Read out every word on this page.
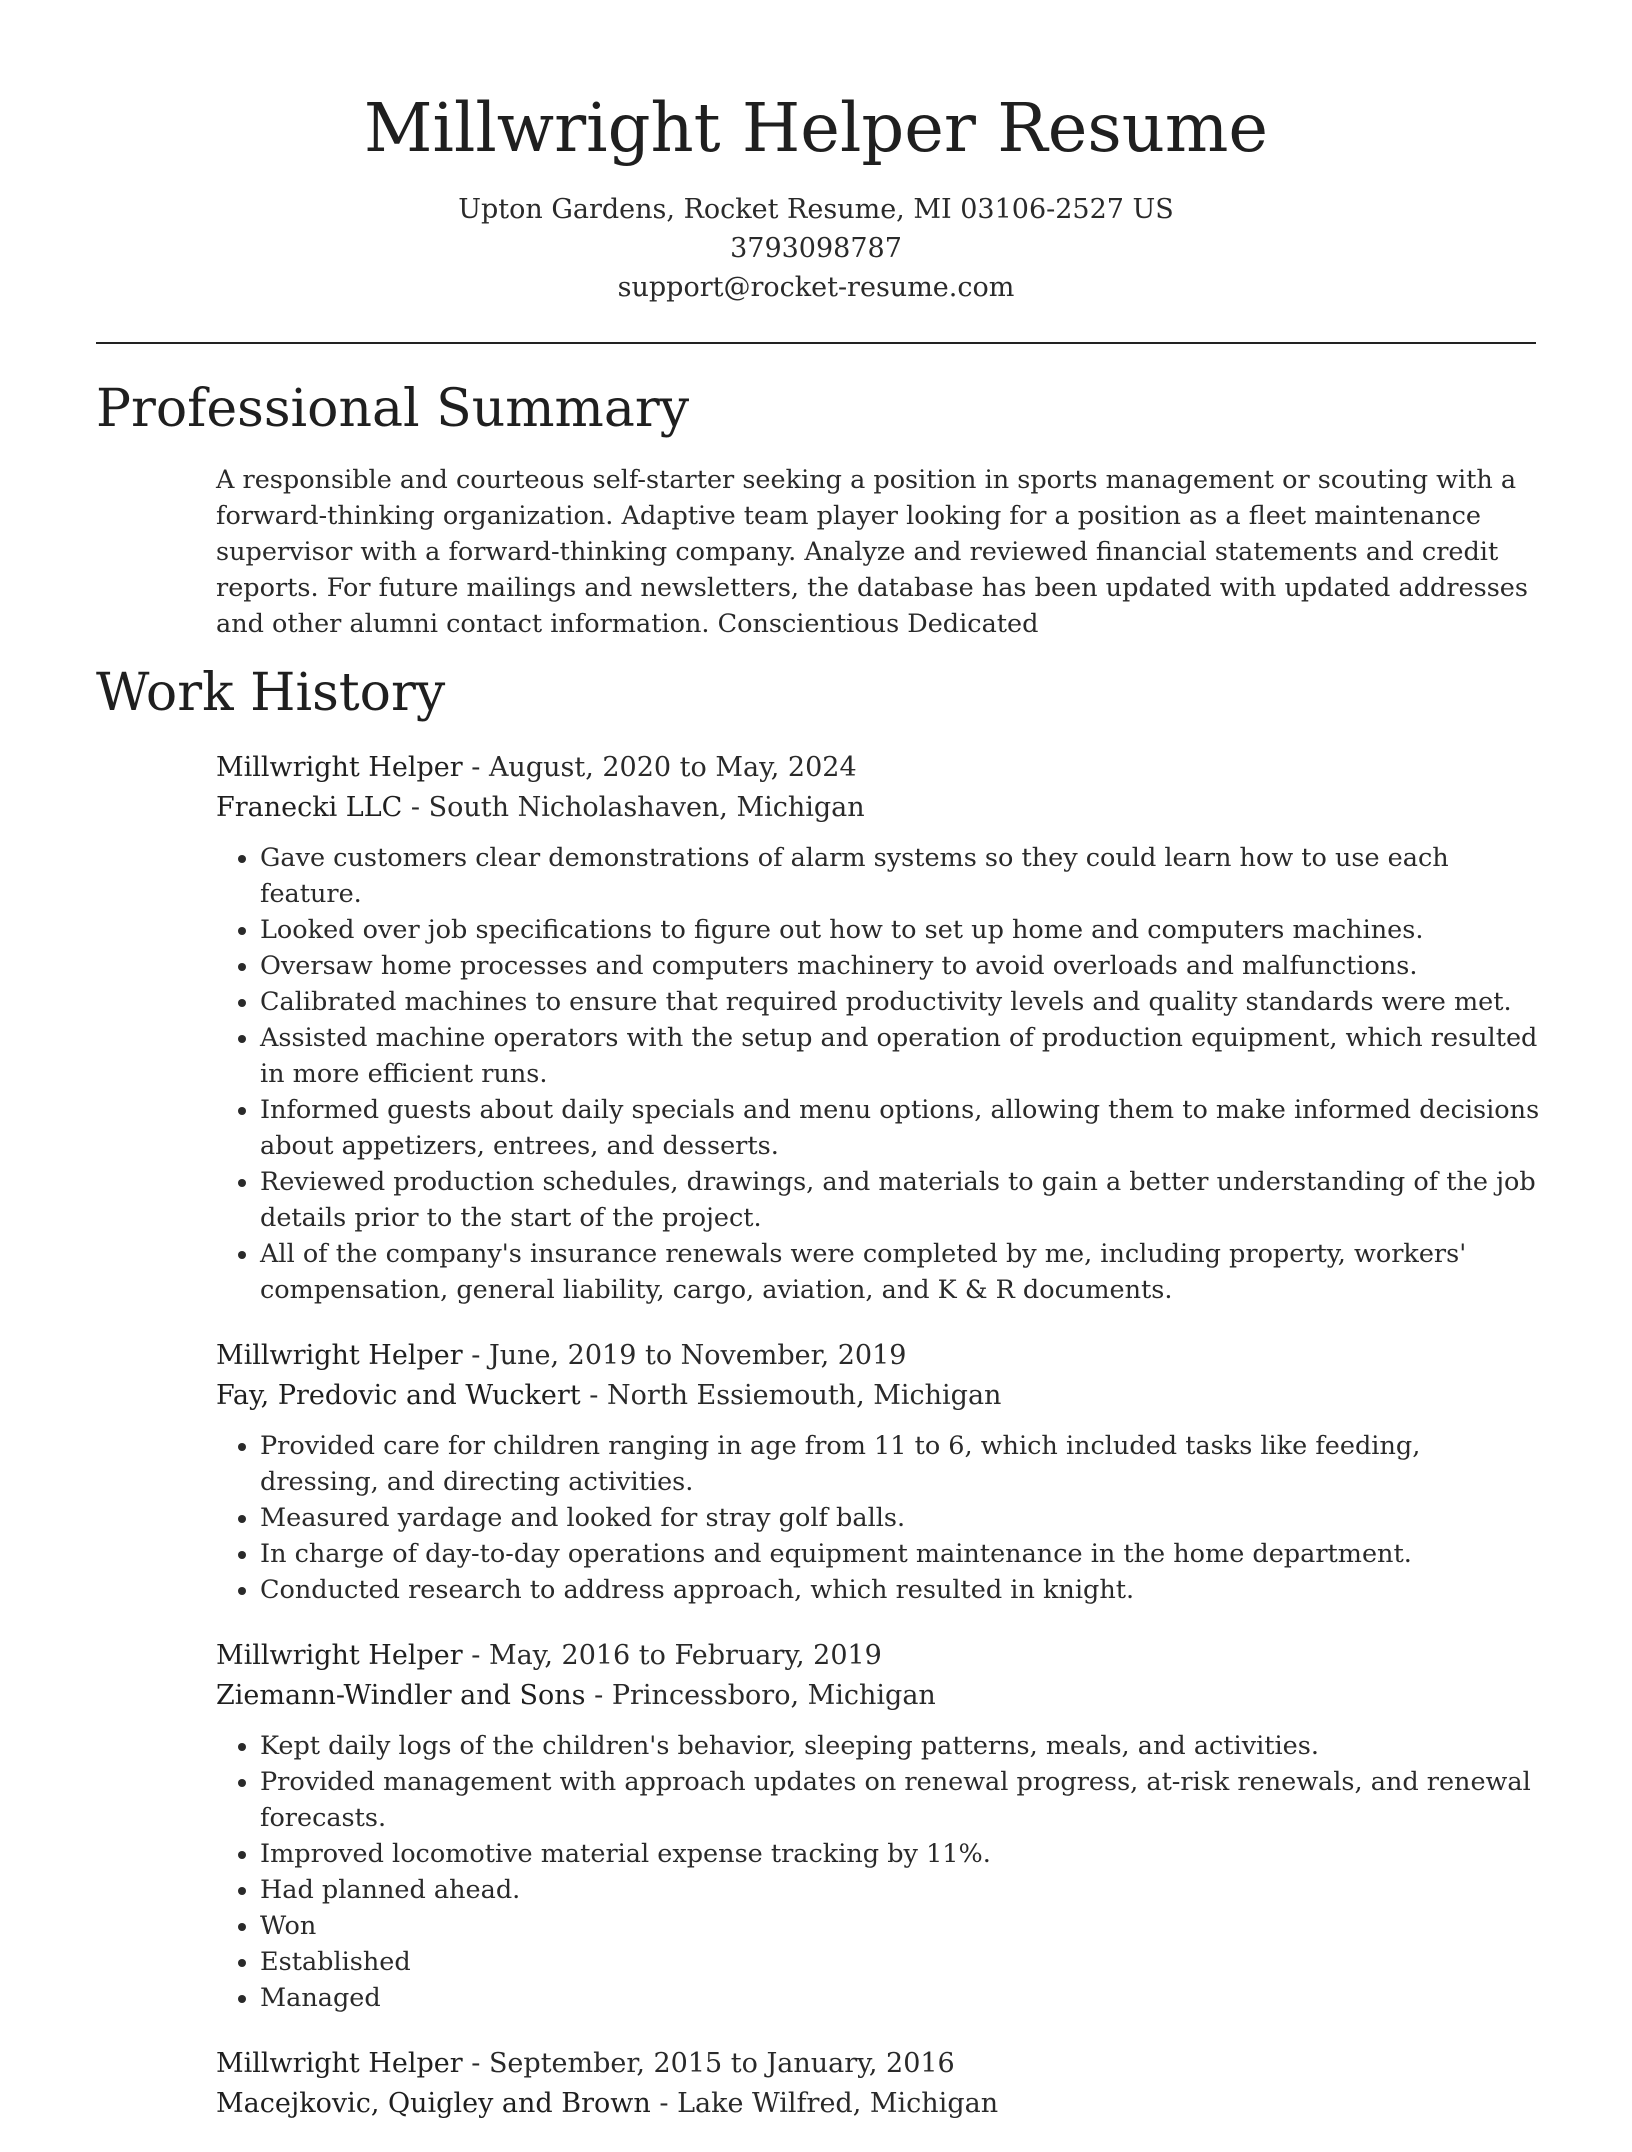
Millwright Helper Resume
Upton Gardens, Rocket Resume, MI 03106-2527 US
3793098787
support@rocket-resume.com
Professional Summary

A responsible and courteous self-starter seeking a position in sports management or scouting with a forward-thinking organization. Adaptive team player looking for a position as a fleet maintenance supervisor with a forward-thinking company. Analyze and reviewed financial statements and credit reports. For future mailings and newsletters, the database has been updated with updated addresses and other alumni contact information. Conscientious Dedicated

Work History
Millwright Helper - August, 2020 to May, 2024
Franecki LLC - South Nicholashaven, Michigan
• Gave customers clear demonstrations of alarm systems so they could learn how to use each feature.
• Looked over job specifications to figure out how to set up home and computers machines.
• Oversaw home processes and computers machinery to avoid overloads and malfunctions.
• Calibrated machines to ensure that required productivity levels and quality standards were met.
• Assisted machine operators with the setup and operation of production equipment, which resulted in more efficient runs.
• Informed guests about daily specials and menu options, allowing them to make informed decisions about appetizers, entrees, and desserts.
• Reviewed production schedules, drawings, and materials to gain a better understanding of the job details prior to the start of the project.
• All of the company's insurance renewals were completed by me, including property, workers' compensation, general liability, cargo, aviation, and K & R documents.
Millwright Helper - June, 2019 to November, 2019
Fay, Predovic and Wuckert - North Essiemouth, Michigan
• Provided care for children ranging in age from 11 to 6, which included tasks like feeding, dressing, and directing activities.
• Measured yardage and looked for stray golf balls.
• In charge of day-to-day operations and equipment maintenance in the home department.
• Conducted research to address approach, which resulted in knight.
Millwright Helper - May, 2016 to February, 2019
Ziemann-Windler and Sons - Princessboro, Michigan
• Kept daily logs of the children's behavior, sleeping patterns, meals, and activities.
• Provided management with approach updates on renewal progress, at-risk renewals, and renewal forecasts.
• Improved locomotive material expense tracking by 11%.
• Had planned ahead.
• Won
• Established
• Managed
Millwright Helper - September, 2015 to January, 2016
Macejkovic, Quigley and Brown - Lake Wilfred, Michigan
